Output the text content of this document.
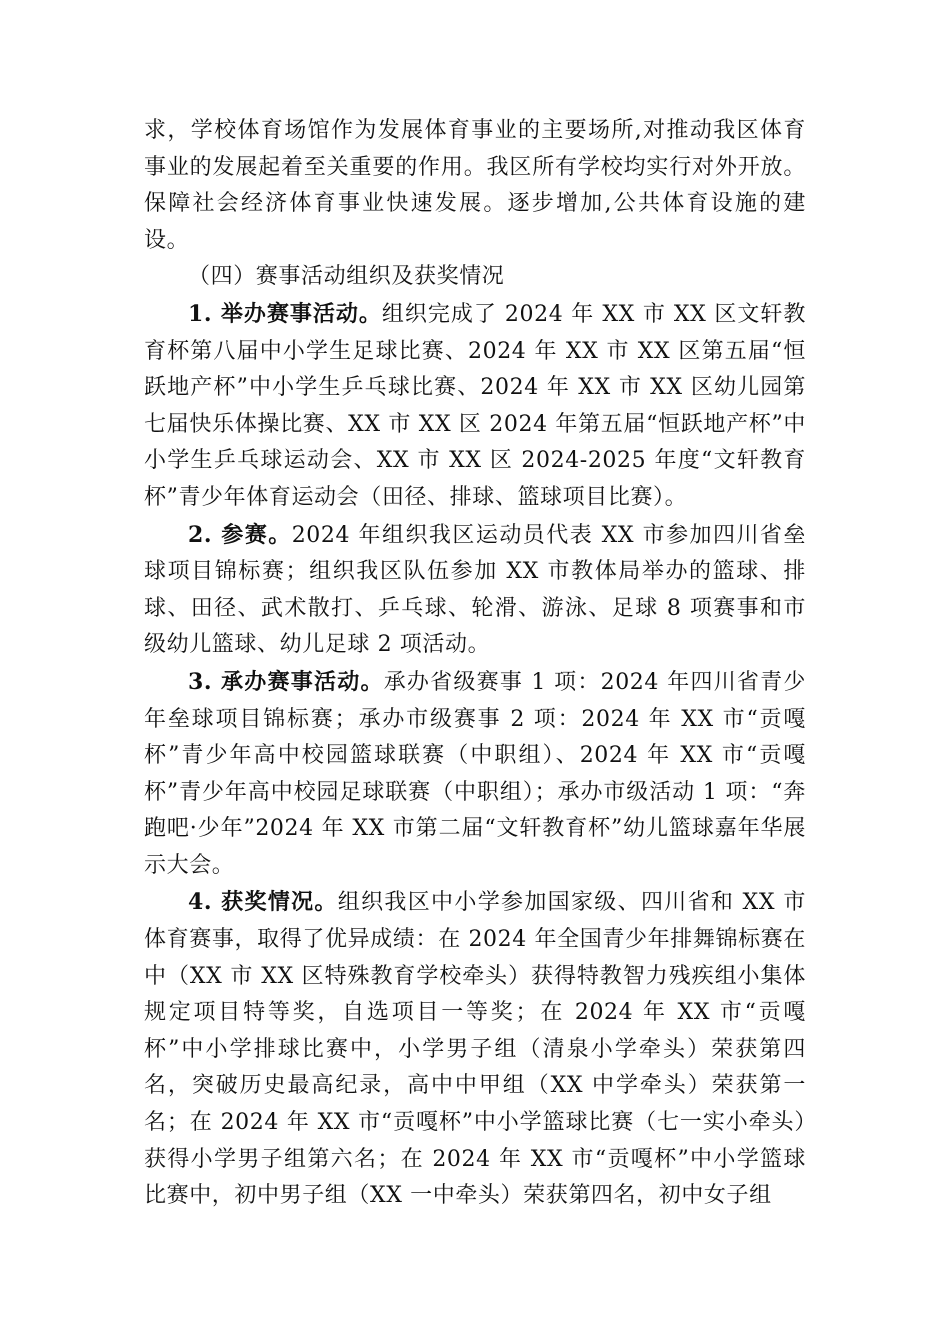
求，学校体育场馆作为发展体育事业的主要场所,对推动我区体育事业的发展起着至关重要的作用。我区所有学校均实行对外开放。保障社会经济体育事业快速发展。逐步增加,公共体育设施的建设。

（四）赛事活动组织及获奖情况

1. 举办赛事活动。组织完成了 2024 年 XX 市 XX 区文轩教育杯第八届中小学生足球比赛、2024 年 XX 市 XX 区第五届“恒跃地产杯”中小学生乒乓球比赛、2024 年 XX 市 XX 区幼儿园第七届快乐体操比赛、XX 市 XX 区 2024 年第五届“恒跃地产杯”中小学生乒乓球运动会、XX 市 XX 区 2024-2025 年度“文轩教育杯”青少年体育运动会（田径、排球、篮球项目比赛）。

2. 参赛。2024 年组织我区运动员代表 XX 市参加四川省垒球项目锦标赛；组织我区队伍参加 XX 市教体局举办的篮球、排球、田径、武术散打、乒乓球、轮滑、游泳、足球 8 项赛事和市级幼儿篮球、幼儿足球 2 项活动。

3. 承办赛事活动。承办省级赛事 1 项：2024 年四川省青少年垒球项目锦标赛；承办市级赛事 2 项：2024 年 XX 市“贡嘎杯”青少年高中校园篮球联赛（中职组）、2024 年 XX 市“贡嘎杯”青少年高中校园足球联赛（中职组）；承办市级活动 1 项：“奔跑吧·少年”2024 年 XX 市第二届“文轩教育杯”幼儿篮球嘉年华展示大会。

4. 获奖情况。组织我区中小学参加国家级、四川省和 XX 市体育赛事，取得了优异成绩：在 2024 年全国青少年排舞锦标赛在中（XX 市 XX 区特殊教育学校牵头）获得特教智力残疾组小集体规定项目特等奖，自选项目一等奖；在 2024 年 XX 市“贡嘎杯”中小学排球比赛中，小学男子组（清泉小学牵头）荣获第四名，突破历史最高纪录，高中中甲组（XX 中学牵头）荣获第一名；在 2024 年 XX 市“贡嘎杯”中小学篮球比赛（七一实小牵头）获得小学男子组第六名；在 2024 年 XX 市“贡嘎杯”中小学篮球比赛中，初中男子组（XX 一中牵头）荣获第四名，初中女子组
